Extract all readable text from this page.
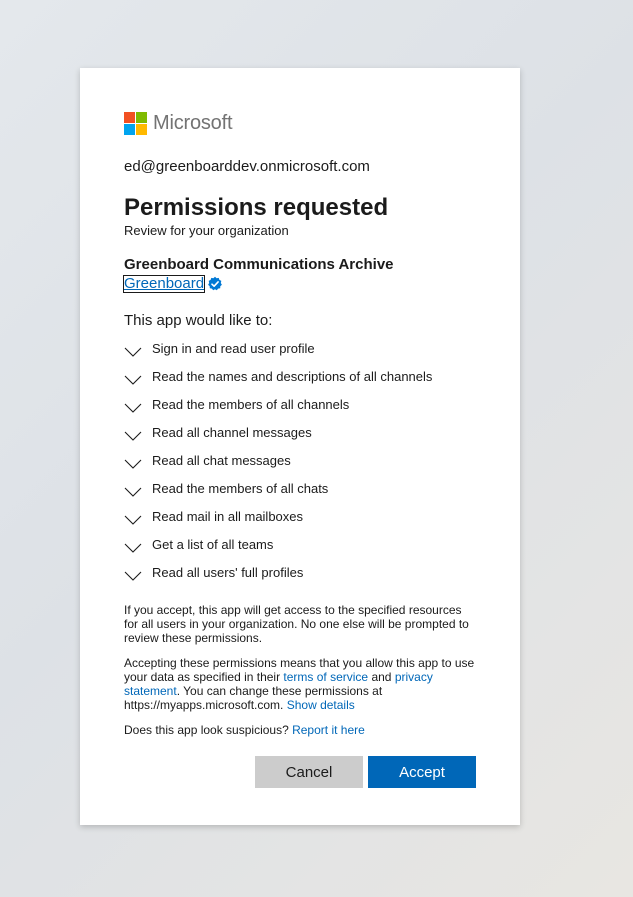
Microsoft
ed@greenboarddev.onmicrosoft.com
Permissions requested
Review for your organization
Greenboard Communications Archive
Greenboard
This app would like to:
Sign in and read user profile
Read the names and descriptions of all channels
Read the members of all channels
Read all channel messages
Read all chat messages
Read the members of all chats
Read mail in all mailboxes
Get a list of all teams
Read all users' full profiles
If you accept, this app will get access to the specified resources for all users in your organization. No one else will be prompted to review these permissions.
Accepting these permissions means that you allow this app to use your data as specified in their terms of service and privacy statement. You can change these permissions at https://myapps.microsoft.com. Show details
Does this app look suspicious? Report it here
Cancel	Accept
